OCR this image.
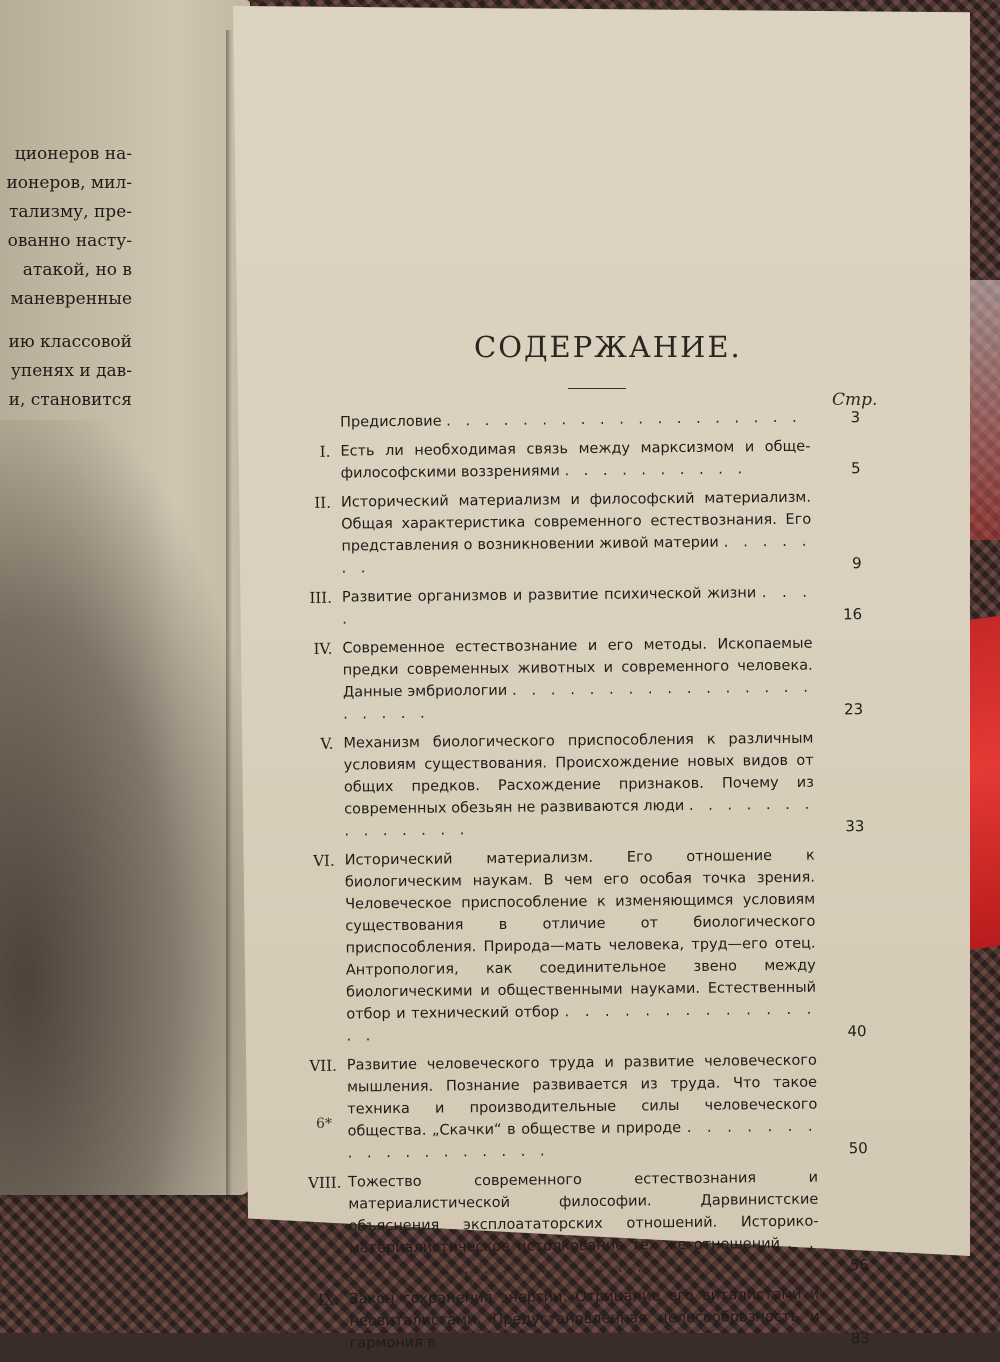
ционеров на-
ионеров, мил-
тализму, пре-
ованно насту-
атакой, но в
маневренные
ию классовой
упенях и дав-
и, становится
СОДЕРЖАНИЕ.
Стр.
Предисловие . . . . . . . . . . . . . . . . . . .	3
I. Есть ли необходимая связь между марксизмом и обще-философскими воззрениями . . . . . . . . . .	5
II. Исторический материализм и философский материализм. Общая характеристика современного естествознания. Его представления о возникновении живой материи . . . . . . .	9
III. Развитие организмов и развитие психической жизни . . . .	16
IV. Современное естествознание и его методы. Ископаемые предки современных животных и современного человека. Данные эмбриологии . . . . . . . . . . . . . . . . . . . . .	23
V. Механизм биологического приспособления к различным условиям существования. Происхождение новых видов от общих предков. Расхождение признаков. Почему из современных обезьян не развиваются люди . . . . . . . . . . . . . .	33
VI. Исторический материализм. Его отношение к биологическим наукам. В чем его особая точка зрения. Человеческое приспособление к изменяющимся условиям существования в отличие от биологического приспособления. Природа—мать человека, труд—его отец. Антропология, как соединительное звено между биологическими и общественными науками. Естественный отбор и технический отбор . . . . . . . . . . . . . . .	40
VII. Развитие человеческого труда и развитие человеческого мышления. Познание развивается из труда. Что такое техника и производительные силы человеческого общества. „Скачки“ в обществе и природе . . . . . . . . . . . . . . . . . .	50
VIII. Тожество современного естествознания и материалистической философии. Дарвинистские объяснения эксплоататорских отношений. Историко-материалистическое истолкование тех же отношений . . . . . . . . . . . . . . . . . . . . . .	56
IX. Закон сохранения энергии. Отрицание его виталистами и неовиталистами. Предустановленная целесообразность и гармония в	83
6*
